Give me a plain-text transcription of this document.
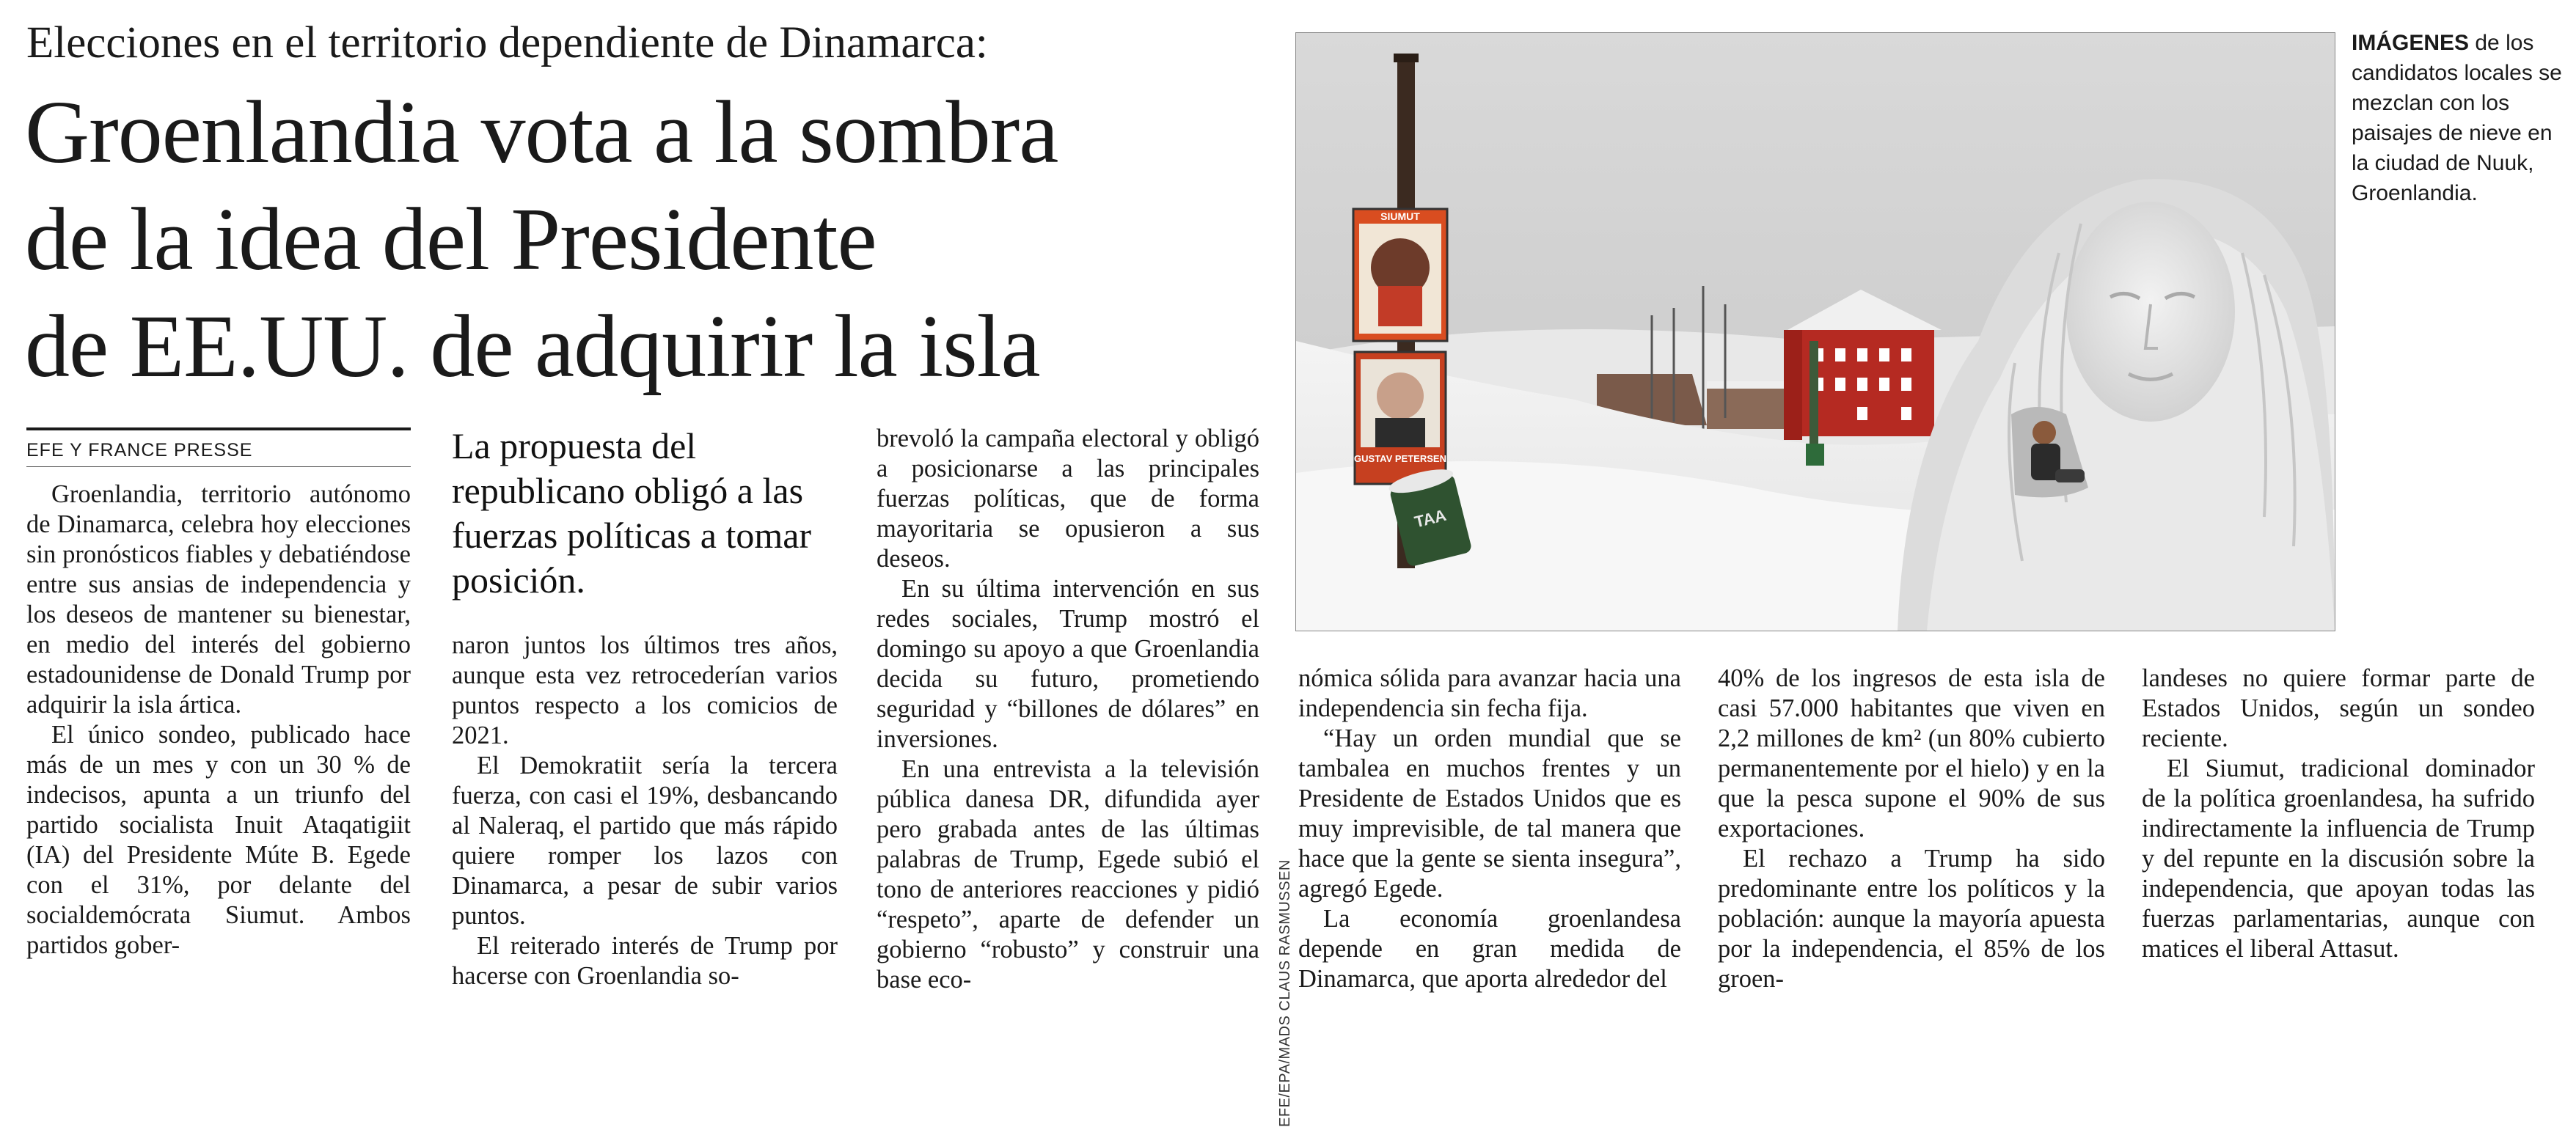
Elecciones en el territorio dependiente de Dinamarca:
Groenlandia vota a la sombra
de la idea del Presidente
de EE.UU. de adquirir la isla
EFE Y FRANCE PRESSE

Groenlandia, territorio autónomo de Dinamarca, celebra hoy elecciones sin pronósticos fiables y debatiéndose entre sus ansias de independencia y los deseos de mantener su bienestar, en medio del interés del gobierno estadounidense de Donald Trump por adquirir la isla ártica.

El único sondeo, publicado hace más de un mes y con un 30 % de indecisos, apunta a un triunfo del partido socialista Inuit Ataqatigiit (IA) del Presidente Múte B. Egede con el 31%, por delante del socialdemócrata Siumut. Ambos partidos gober-

La propuesta del republicano obligó a las fuerzas políticas a tomar posición.

naron juntos los últimos tres años, aunque esta vez retrocederían varios puntos respecto a los comicios de 2021.

El Demokratiit sería la tercera fuerza, con casi el 19%, desbancando al Naleraq, el partido que más rápido quiere romper los lazos con Dinamarca, a pesar de subir varios puntos.

El reiterado interés de Trump por hacerse con Groenlandia so-

brevoló la campaña electoral y obligó a posicionarse a las principales fuerzas políticas, que de forma mayoritaria se opusieron a sus deseos.

En su última intervención en sus redes sociales, Trump mostró el domingo su apoyo a que Groenlandia decida su futuro, prometiendo seguridad y “billones de dólares” en inversiones.

En una entrevista a la televisión pública danesa DR, difundida ayer pero grabada antes de las últimas palabras de Trump, Egede subió el tono de anteriores reacciones y pidió “respeto”, aparte de defender un gobierno “robusto” y construir una base eco-

nómica sólida para avanzar hacia una independencia sin fecha fija.

“Hay un orden mundial que se tambalea en muchos frentes y un Presidente de Estados Unidos que es muy imprevisible, de tal manera que hace que la gente se sienta insegura”, agregó Egede.

La economía groenlandesa depende en gran medida de Dinamarca, que aporta alrededor del

40% de los ingresos de esta isla de casi 57.000 habitantes que viven en 2,2 millones de km² (un 80% cubierto permanentemente por el hielo) y en la que la pesca supone el 90% de sus exportaciones.

El rechazo a Trump ha sido predominante entre los políticos y la población: aunque la mayoría apuesta por la independencia, el 85% de los groen-

landeses no quiere formar parte de Estados Unidos, según un sondeo reciente.

El Siumut, tradicional dominador de la política groenlandesa, ha sufrido indirectamente la influencia de Trump y del repunte en la discusión sobre la independencia, que apoyan todas las fuerzas parlamentarias, aunque con matices el liberal Attasut.

EFE/EPA/MADS CLAUS RASMUSSEN
SIUMUT
GUSTAV PETERSEN
TAA
IMÁGENES de los candidatos locales se mezclan con los paisajes de nieve en la ciudad de Nuuk, Groenlandia.
